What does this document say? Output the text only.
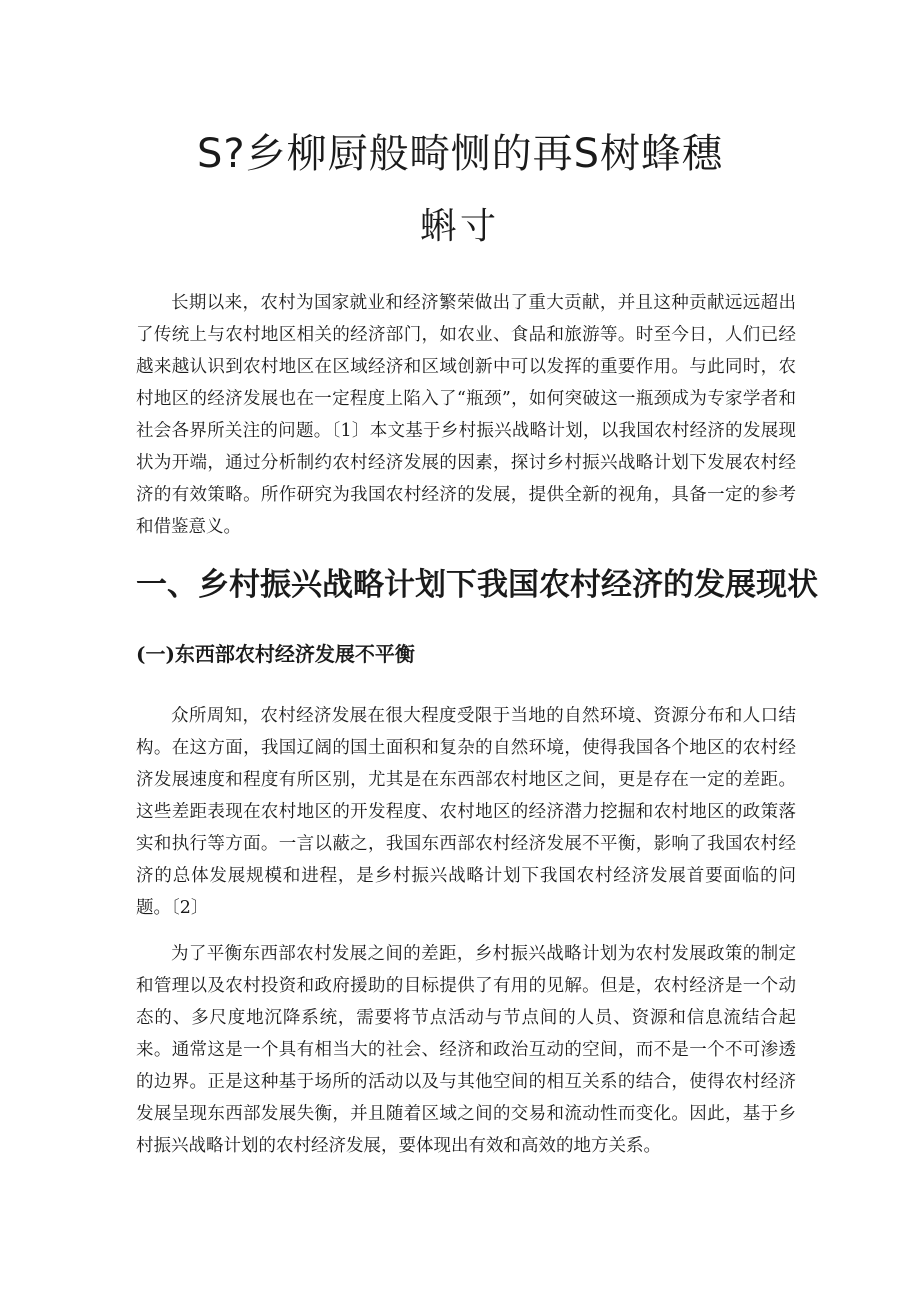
S?乡柳厨般畸恻的再S树蜂穗
蝌寸

长期以来，农村为国家就业和经济繁荣做出了重大贡献，并且这种贡献远远超出了传统上与农村地区相关的经济部门，如农业、食品和旅游等。时至今日，人们已经越来越认识到农村地区在区域经济和区域创新中可以发挥的重要作用。与此同时，农村地区的经济发展也在一定程度上陷入了“瓶颈”，如何突破这一瓶颈成为专家学者和社会各界所关注的问题。〔1〕本文基于乡村振兴战略计划，以我国农村经济的发展现状为开端，通过分析制约农村经济发展的因素，探讨乡村振兴战略计划下发展农村经济的有效策略。所作研究为我国农村经济的发展，提供全新的视角，具备一定的参考和借鉴意义。

一、乡村振兴战略计划下我国农村经济的发展现状
(一)东西部农村经济发展不平衡

众所周知，农村经济发展在很大程度受限于当地的自然环境、资源分布和人口结构。在这方面，我国辽阔的国土面积和复杂的自然环境，使得我国各个地区的农村经济发展速度和程度有所区别，尤其是在东西部农村地区之间，更是存在一定的差距。这些差距表现在农村地区的开发程度、农村地区的经济潜力挖掘和农村地区的政策落实和执行等方面。一言以蔽之，我国东西部农村经济发展不平衡，影响了我国农村经济的总体发展规模和进程，是乡村振兴战略计划下我国农村经济发展首要面临的问题。〔2〕

为了平衡东西部农村发展之间的差距，乡村振兴战略计划为农村发展政策的制定和管理以及农村投资和政府援助的目标提供了有用的见解。但是，农村经济是一个动态的、多尺度地沉降系统，需要将节点活动与节点间的人员、资源和信息流结合起来。通常这是一个具有相当大的社会、经济和政治互动的空间，而不是一个不可渗透的边界。正是这种基于场所的活动以及与其他空间的相互关系的结合，使得农村经济发展呈现东西部发展失衡，并且随着区域之间的交易和流动性而变化。因此，基于乡村振兴战略计划的农村经济发展，要体现出有效和高效的地方关系。
